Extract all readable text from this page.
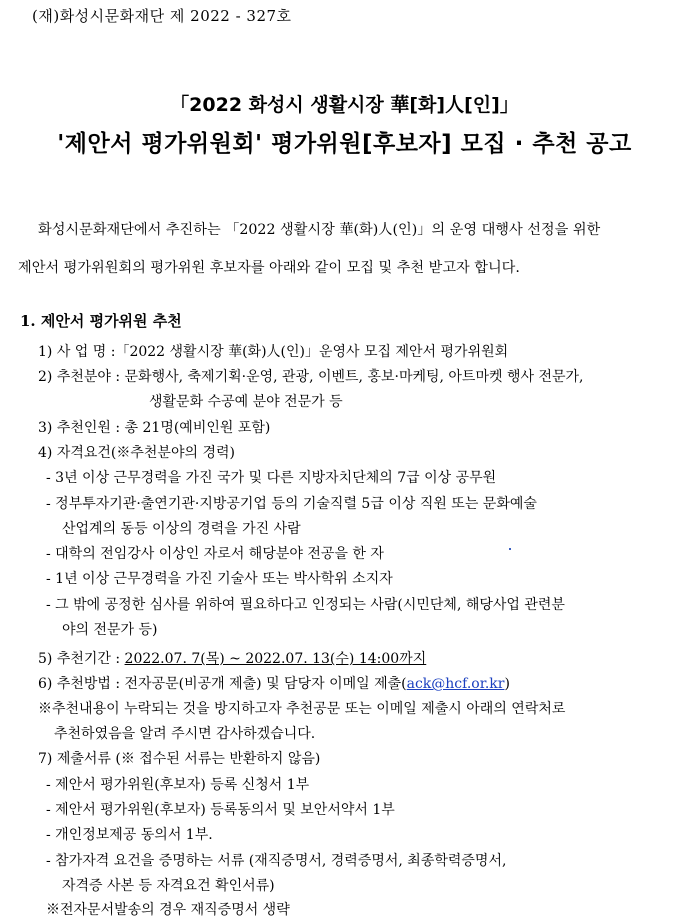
(재)화성시문화재단 제 2022 - 327호
「2022 화성시 생활시장 華[화]人[인]」
'제안서 평가위원회' 평가위원[후보자] 모집 · 추천 공고
화성시문화재단에서 추진하는 「2022 생활시장 華(화)人(인)」의 운영 대행사 선정을 위한
제안서 평가위원회의 평가위원 후보자를 아래와 같이 모집 및 추천 받고자 합니다.
1. 제안서 평가위원 추천
1) 사 업 명 :「2022 생활시장 華(화)人(인)」운영사 모집 제안서 평가위원회
2) 추천분야 : 문화행사, 축제기획·운영, 관광, 이벤트, 홍보·마케팅, 아트마켓 행사 전문가,
생활문화 수공예 분야 전문가 등
3) 추천인원 : 총 21명(예비인원 포함)
4) 자격요건(※추천분야의 경력)
- 3년 이상 근무경력을 가진 국가 및 다른 지방자치단체의 7급 이상 공무원
- 정부투자기관·출연기관·지방공기업 등의 기술직렬 5급 이상 직원 또는 문화예술
산업계의 동등 이상의 경력을 가진 사람
- 대학의 전임강사 이상인 자로서 해당분야 전공을 한 자
- 1년 이상 근무경력을 가진 기술사 또는 박사학위 소지자
- 그 밖에 공정한 심사를 위하여 필요하다고 인정되는 사람(시민단체, 해당사업 관련분
야의 전문가 등)
5) 추천기간 : 2022.07. 7(목) ~ 2022.07. 13(수) 14:00까지
6) 추천방법 : 전자공문(비공개 제출) 및 담당자 이메일 제출(ack@hcf.or.kr)
※추천내용이 누락되는 것을 방지하고자 추천공문 또는 이메일 제출시 아래의 연락처로
추천하였음을 알려 주시면 감사하겠습니다.
7) 제출서류 (※ 접수된 서류는 반환하지 않음)
- 제안서 평가위원(후보자) 등록 신청서 1부
- 제안서 평가위원(후보자) 등록동의서 및 보안서약서 1부
- 개인정보제공 동의서 1부.
- 참가자격 요건을 증명하는 서류 (재직증명서, 경력증명서, 최종학력증명서,
자격증 사본 등 자격요건 확인서류)
※전자문서발송의 경우 재직증명서 생략
